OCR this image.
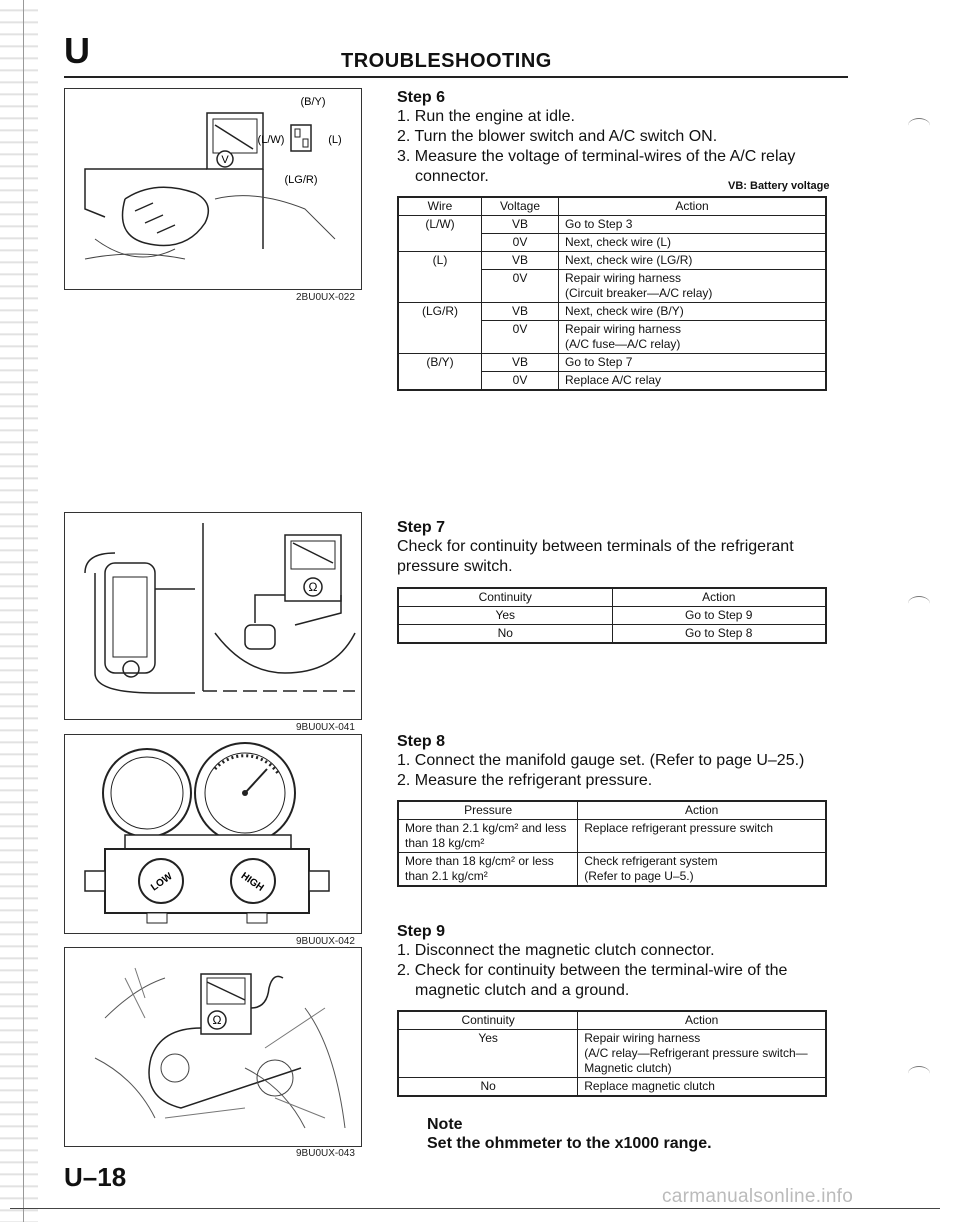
U	TROUBLESHOOTING
V
(B/Y)
(L/W)	(L)
(LG/R)
2BU0UX-022
Step 6
1. Run the engine at idle.
2. Turn the blower switch and A/C switch ON.
3. Measure the voltage of terminal-wires of the A/C relay connector.
VB: Battery voltage
Wire	Voltage	Action
(L/W)	VB	Go to Step 3
	0V	Next, check wire (L)
(L)	VB	Next, check wire (LG/R)
	0V	Repair wiring harness
(Circuit breaker—A/C relay)
(LG/R)	VB	Next, check wire (B/Y)
	0V	Repair wiring harness
(A/C fuse—A/C relay)
(B/Y)	VB	Go to Step 7
	0V	Replace A/C relay
Ω
9BU0UX-041
Step 7
Check for continuity between terminals of the refrigerant pressure switch.
Continuity	Action
Yes	Go to Step 9
No	Go to Step 8
LOW	HIGH
9BU0UX-042
Step 8
1. Connect the manifold gauge set. (Refer to page U–25.)
2. Measure the refrigerant pressure.
Pressure	Action
More than 2.1 kg/cm² and less than 18 kg/cm²	Replace refrigerant pressure switch
More than 18 kg/cm² or less than 2.1 kg/cm²	Check refrigerant system
(Refer to page U–5.)
Ω
9BU0UX-043
Step 9
1. Disconnect the magnetic clutch connector.
2. Check for continuity between the terminal-wire of the magnetic clutch and a ground.
Continuity	Action
Yes	Repair wiring harness
(A/C relay—Refrigerant pressure switch—Magnetic clutch)
No	Replace magnetic clutch
Note
Set the ohmmeter to the x1000 range.
U–18
carmanualsonline.info
